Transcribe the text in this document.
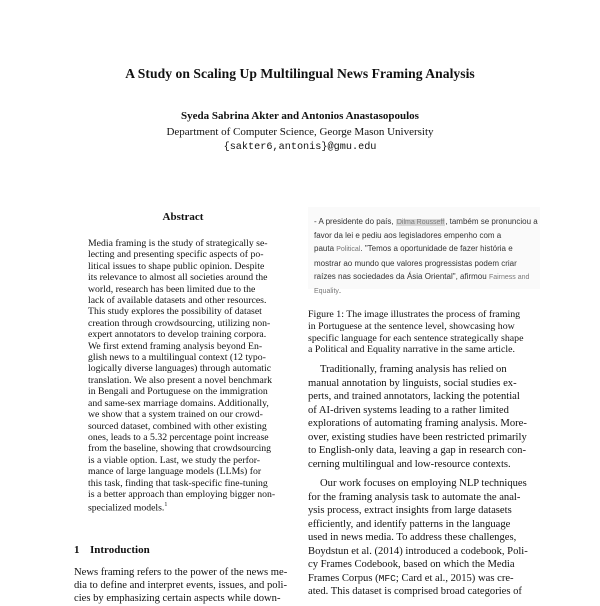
A Study on Scaling Up Multilingual News Framing Analysis
Syeda Sabrina Akter and Antonios Anastasopoulos
Department of Computer Science, George Mason University
{sakter6,antonis}@gmu.edu
Abstract
Media framing is the study of strategically se-
lecting and presenting specific aspects of po-
litical issues to shape public opinion. Despite
its relevance to almost all societies around the
world, research has been limited due to the
lack of available datasets and other resources.
This study explores the possibility of dataset
creation through crowdsourcing, utilizing non-
expert annotators to develop training corpora.
We first extend framing analysis beyond En-
glish news to a multilingual context (12 typo-
logically diverse languages) through automatic
translation. We also present a novel benchmark
in Bengali and Portuguese on the immigration
and same-sex marriage domains. Additionally,
we show that a system trained on our crowd-
sourced dataset, combined with other existing
ones, leads to a 5.32 percentage point increase
from the baseline, showing that crowdsourcing
is a viable option. Last, we study the perfor-
mance of large language models (LLMs) for
this task, finding that task-specific fine-tuning
is a better approach than employing bigger non-
specialized models.$^1$
1 Introduction
News framing refers to the power of the news me-
dia to define and interpret events, issues, and poli-
cies by emphasizing certain aspects while down-
- A presidente do país, Dilma Rousseff, também se pronunciou a
favor da lei e pediu aos legisladores empenho com a
pauta Political. "Temos a oportunidade de fazer história e
mostrar ao mundo que valores progressistas podem criar
raízes nas sociedades da Ásia Oriental", afirmou Fairness and
Equality.
Figure 1: The image illustrates the process of framing
in Portuguese at the sentence level, showcasing how
specific language for each sentence strategically shape
a Political and Equality narrative in the same article.
Traditionally, framing analysis has relied on
manual annotation by linguists, social studies ex-
perts, and trained annotators, lacking the potential
of AI-driven systems leading to a rather limited
explorations of automating framing analysis. More-
over, existing studies have been restricted primarily
to English-only data, leaving a gap in research con-
cerning multilingual and low-resource contexts.
Our work focuses on employing NLP techniques
for the framing analysis task to automate the anal-
ysis process, extract insights from large datasets
efficiently, and identify patterns in the language
used in news media. To address these challenges,
Boydstun et al. (2014) introduced a codebook, Poli-
cy Frames Codebook, based on which the Media
Frames Corpus (MFC; Card et al., 2015) was cre-
ated. This dataset is comprised broad categories of
